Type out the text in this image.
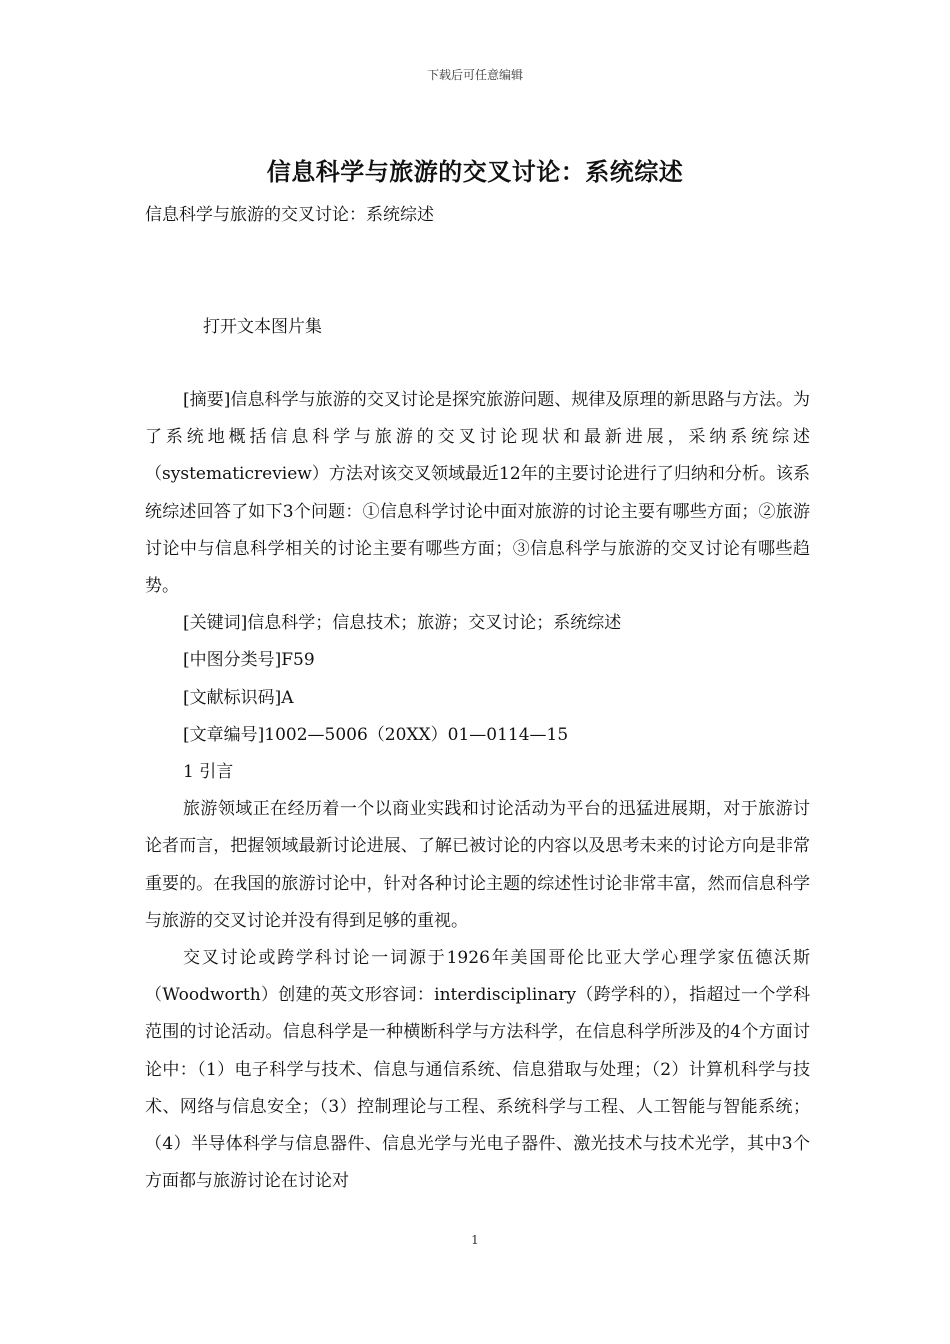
下载后可任意编辑
信息科学与旅游的交叉讨论：系统综述
信息科学与旅游的交叉讨论：系统综述
打开文本图片集

[摘要]信息科学与旅游的交叉讨论是探究旅游问题、规律及原理的新思路与方法。为了系统地概括信息科学与旅游的交叉讨论现状和最新进展，采纳系统综述（systematicreview）方法对该交叉领域最近12年的主要讨论进行了归纳和分析。该系统综述回答了如下3个问题：①信息科学讨论中面对旅游的讨论主要有哪些方面；②旅游讨论中与信息科学相关的讨论主要有哪些方面；③信息科学与旅游的交叉讨论有哪些趋势。

[关键词]信息科学；信息技术；旅游；交叉讨论；系统综述

[中图分类号]F59

[文献标识码]A

[文章编号]1002—5006（20XX）01—0114—15

1 引言

旅游领域正在经历着一个以商业实践和讨论活动为平台的迅猛进展期，对于旅游讨论者而言，把握领域最新讨论进展、了解已被讨论的内容以及思考未来的讨论方向是非常重要的。在我国的旅游讨论中，针对各种讨论主题的综述性讨论非常丰富，然而信息科学与旅游的交叉讨论并没有得到足够的重视。

交叉讨论或跨学科讨论一词源于1926年美国哥伦比亚大学心理学家伍德沃斯（Woodworth）创建的英文形容词：interdisciplinary（跨学科的），指超过一个学科范围的讨论活动。信息科学是一种横断科学与方法科学，在信息科学所涉及的4个方面讨论中：（1）电子科学与技术、信息与通信系统、信息猎取与处理；（2）计算机科学与技术、网络与信息安全；（3）控制理论与工程、系统科学与工程、人工智能与智能系统；（4）半导体科学与信息器件、信息光学与光电子器件、激光技术与技术光学，其中3个方面都与旅游讨论在讨论对

1
